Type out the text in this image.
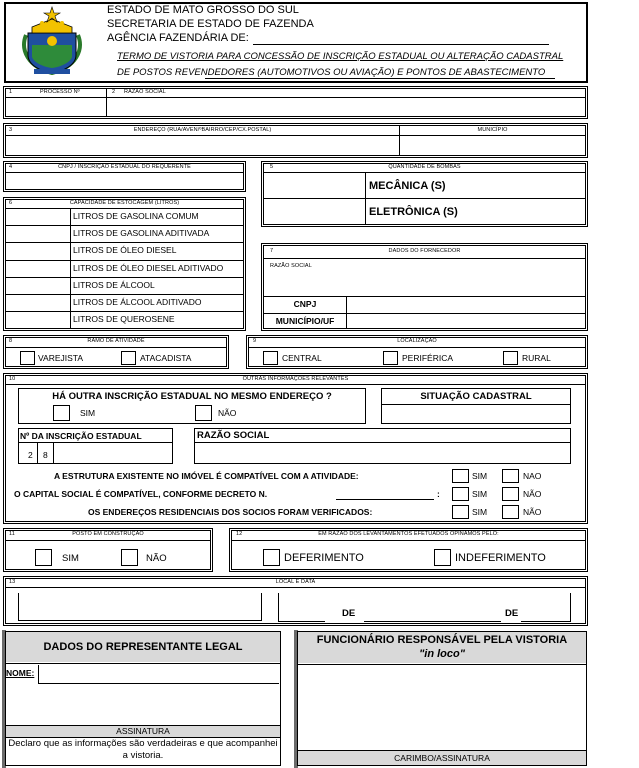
ESTADO DE MATO GROSSO DO SUL
SECRETARIA DE ESTADO DE FAZENDA
AGÊNCIA FAZENDÁRIA DE:
TERMO DE VISTORIA PARA CONCESSÃO DE INSCRIÇÃO ESTADUAL OU ALTERAÇÃO CADASTRAL
DE POSTOS REVENDEDORES (AUTOMOTIVOS OU AVIAÇÃO) E PONTOS DE ABASTECIMENTO
1	PROCESSO Nº	2 RAZÃO SOCIAL
3	ENDEREÇO (RUA/AVEN/ºBAIRRO/CEP/CX.POSTAL)	MUNICÍPIO
4	CNPJ / INSCRIÇÃO ESTADUAL DO REQUERENTE	5	QUANTIDADE DE BOMBAS
MECÂNICA (S)
ELETRÔNICA (S)
6	CAPACIDADE DE ESTOCAGEM (LITROS)
LITROS DE GASOLINA COMUM
LITROS DE GASOLINA ADITIVADA
LITROS DE ÓLEO DIESEL
LITROS DE ÓLEO DIESEL ADITIVADO
LITROS DE ÁLCOOL
LITROS DE ÁLCOOL ADITIVADO
LITROS DE QUEROSENE
7	DADOS DO FORNECEDOR
RAZÃO SOCIAL
CNPJ
MUNICÍPIO/UF
8	RAMO DE ATIVIDADE
VAREJISTA	ATACADISTA
9	LOCALIZAÇÃO
CENTRAL	PERIFÉRICA	RURAL
10	OUTRAS INFORMAÇÕES RELEVANTES
HÁ OUTRA INSCRIÇÃO ESTADUAL NO MESMO ENDEREÇO ?
SIM	NÃO
SITUAÇÃO CADASTRAL
Nº DA INSCRIÇÃO ESTADUAL
2 8
RAZÃO SOCIAL
A ESTRUTURA EXISTENTE NO IMÓVEL É COMPATÍVEL COM A ATIVIDADE:	SIM	NAO
O CAPITAL SOCIAL É COMPATÍVEL, CONFORME DECRETO N.	:	SIM	NÃO
OS ENDEREÇOS RESIDENCIAIS DOS SOCIOS FORAM VERIFICADOS:	SIM	NÃO
11	POSTO EM CONSTRUÇÃO
SIM	NÃO
12	EM RAZÃO DOS LEVANTAMENTOS EFETUADOS OPINAMOS PELO:
DEFERIMENTO	INDEFERIMENTO
13	LOCAL E DATA
DE	DE
DADOS DO REPRESENTANTE LEGAL
NOME:
ASSINATURA
Declaro que as informações são verdadeiras e que acompanhei a vistoria.
FUNCIONÁRIO RESPONSÁVEL PELA VISTORIA
"in loco"
CARIMBO/ASSINATURA
